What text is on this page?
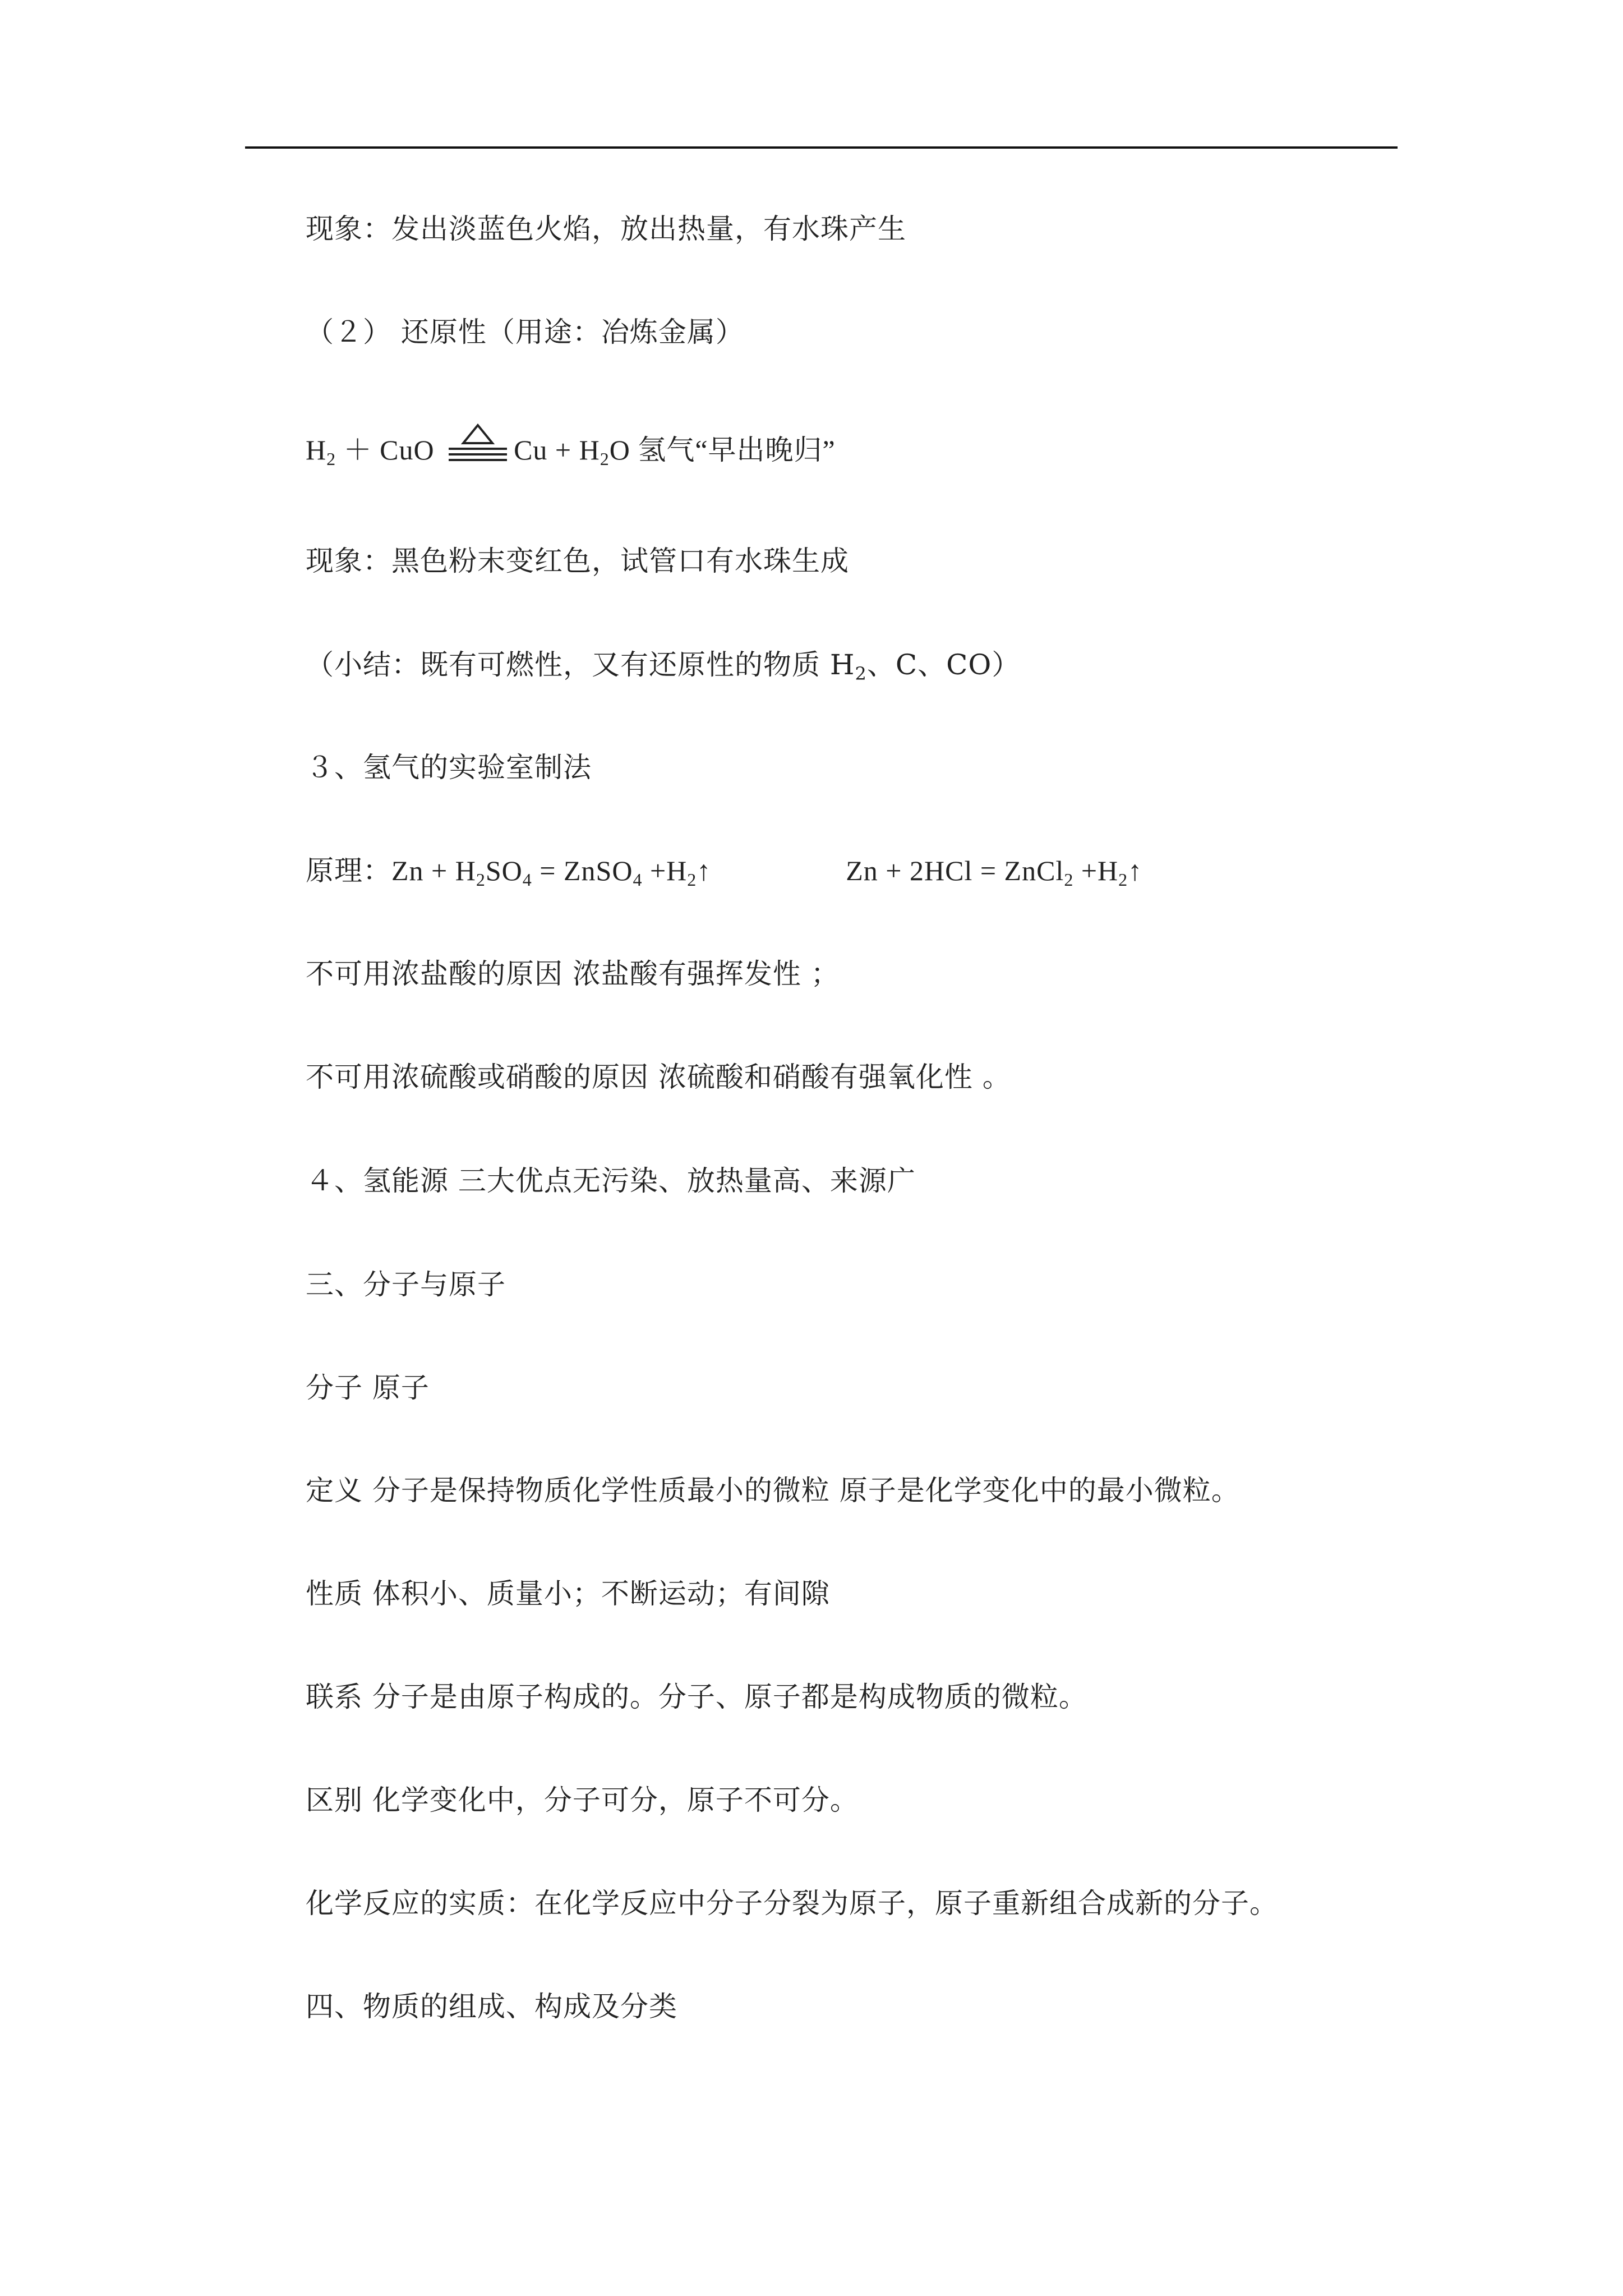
现象：发出淡蓝色火焰，放出热量，有水珠产生
（２） 还原性（用途：冶炼金属）
$H_2$ ＋ CuO	$Cu + H_2O$ 氢气“早出晚归”
现象：黑色粉末变红色，试管口有水珠生成
（小结：既有可燃性，又有还原性的物质 $H_2$、C、CO）
３、氢气的实验室制法
原理：$Zn + H_2SO_4$ = ZnSO$_4$ $+H_2↑$	Zn + 2HCl = ZnCl$_2$ $+H_2↑$
不可用浓盐酸的原因 浓盐酸有强挥发性 ；
不可用浓硫酸或硝酸的原因 浓硫酸和硝酸有强氧化性 。
４、氢能源 三大优点无污染、放热量高、来源广
三、分子与原子
分子 原子
定义 分子是保持物质化学性质最小的微粒 原子是化学变化中的最小微粒。
性质 体积小、质量小；不断运动；有间隙
联系 分子是由原子构成的。分子、原子都是构成物质的微粒。
区别 化学变化中，分子可分，原子不可分。
化学反应的实质：在化学反应中分子分裂为原子，原子重新组合成新的分子。
四、物质的组成、构成及分类
